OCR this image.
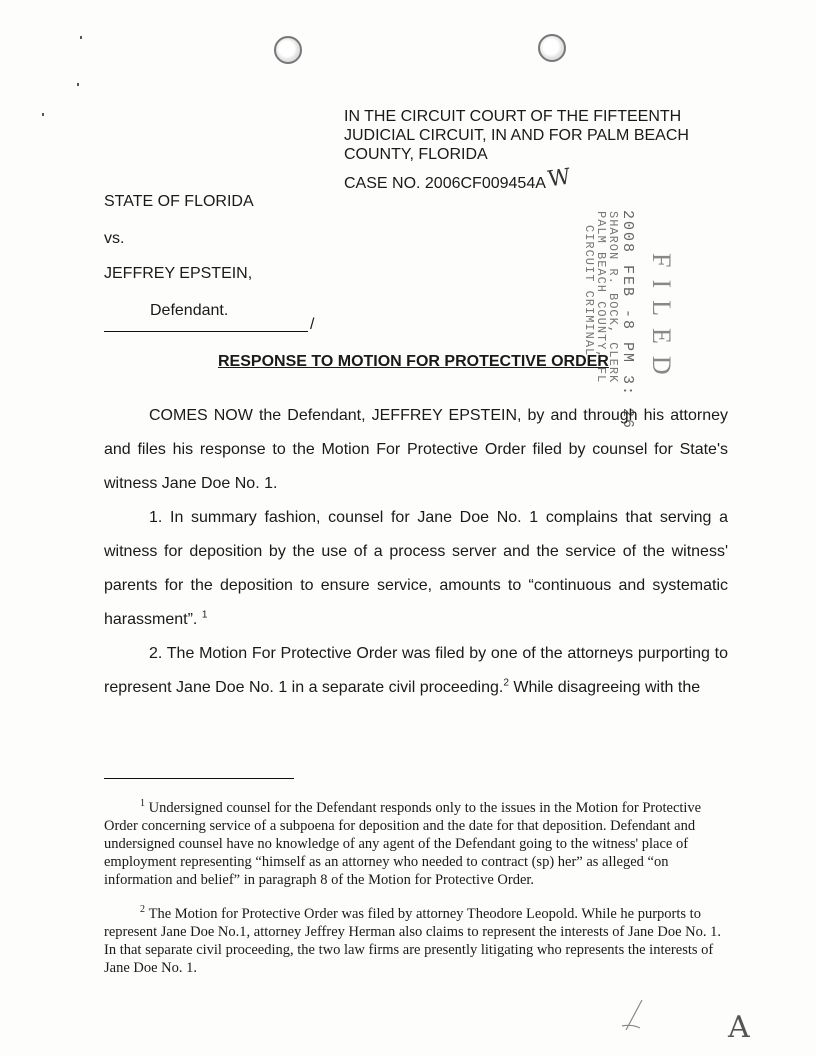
IN THE CIRCUIT COURT OF THE FIFTEENTH
JUDICIAL CIRCUIT, IN AND FOR PALM BEACH
COUNTY, FLORIDA
CASE NO. 2006CF009454A W
STATE OF FLORIDA
vs.
JEFFREY EPSTEIN,
Defendant.
/	SHARON R. BOCK, CLERK
PALM BEACH COUNTY, FL
CIRCUIT CRIMINAL 2008 FEB -8 PM 3: 26 FILED
RESPONSE TO MOTION FOR PROTECTIVE ORDER

COMES NOW the Defendant, JEFFREY EPSTEIN, by and through his attorney and files his response to the Motion For Protective Order filed by counsel for State's witness Jane Doe No. 1.

1. In summary fashion, counsel for Jane Doe No. 1 complains that serving a witness for deposition by the use of a process server and the service of the witness' parents for the deposition to ensure service, amounts to “continuous and systematic harassment”. $^1$

2. The Motion For Protective Order was filed by one of the attorneys purporting to represent Jane Doe No. 1 in a separate civil proceeding.$^2$ While disagreeing with the

$^1$ Undersigned counsel for the Defendant responds only to the issues in the Motion for Protective Order concerning service of a subpoena for deposition and the date for that deposition. Defendant and undersigned counsel have no knowledge of any agent of the Defendant going to the witness' place of employment representing “himself as an attorney who needed to contract (sp) her” as alleged “on information and belief” in paragraph 8 of the Motion for Protective Order.

$^2$ The Motion for Protective Order was filed by attorney Theodore Leopold. While he purports to represent Jane Doe No.1, attorney Jeffrey Herman also claims to represent the interests of Jane Doe No. 1. In that separate civil proceeding, the two law firms are presently litigating who represents the interests of Jane Doe No. 1.

A
